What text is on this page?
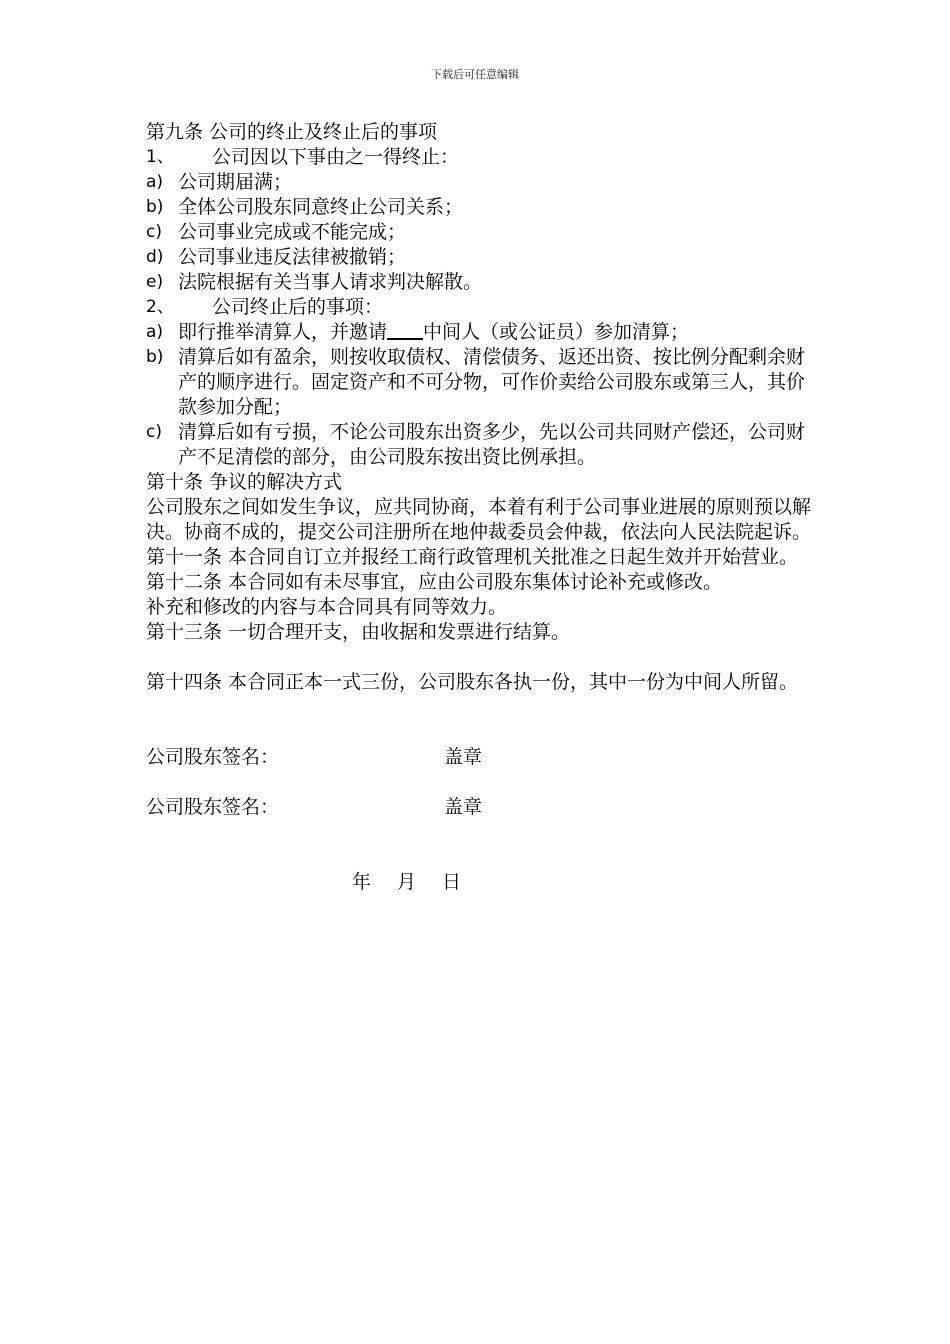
下载后可任意编辑
第九条 公司的终止及终止后的事项
1、	公司因以下事由之一得终止：
a) 公司期届满；
b) 全体公司股东同意终止公司关系；
c) 公司事业完成或不能完成；
d) 公司事业违反法律被撤销；
e) 法院根据有关当事人请求判决解散。
2、	公司终止后的事项：
a) 即行推举清算人，并邀请 中间人（或公证员）参加清算；
b) 清算后如有盈余，则按收取债权、清偿债务、返还出资、按比例分配剩余财产的顺序进行。固定资产和不可分物，可作价卖给公司股东或第三人，其价款参加分配；
c) 清算后如有亏损，不论公司股东出资多少，先以公司共同财产偿还，公司财产不足清偿的部分，由公司股东按出资比例承担。
第十条 争议的解决方式
公司股东之间如发生争议，应共同协商，本着有利于公司事业进展的原则预以解决。协商不成的，提交公司注册所在地仲裁委员会仲裁，依法向人民法院起诉。
第十一条 本合同自订立并报经工商行政管理机关批准之日起生效并开始营业。
第十二条 本合同如有未尽事宜，应由公司股东集体讨论补充或修改。
补充和修改的内容与本合同具有同等效力。
第十三条 一切合理开支，由收据和发票进行结算。
第十四条 本合同正本一式三份，公司股东各执一份，其中一份为中间人所留。
公司股东签名：	盖章
公司股东签名：	盖章
年 月 日
